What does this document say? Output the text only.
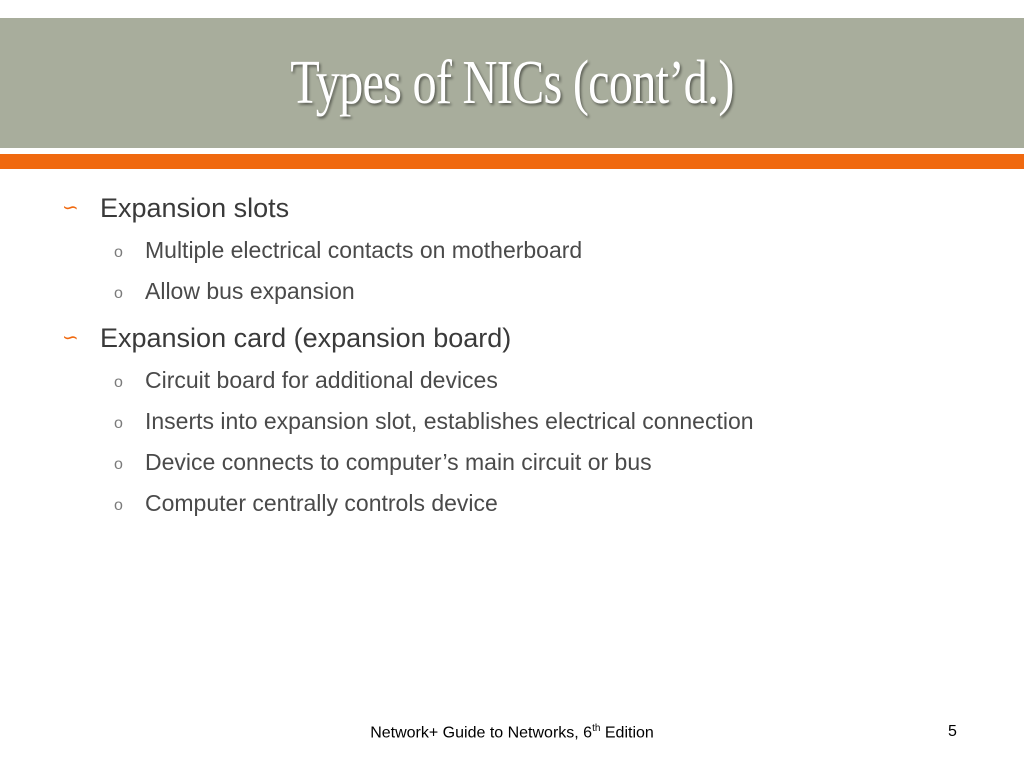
Types of NICs (cont’d.)
∽ Expansion slots
o Multiple electrical contacts on motherboard
o Allow bus expansion
∽ Expansion card (expansion board)
o Circuit board for additional devices
o Inserts into expansion slot, establishes electrical connection
o Device connects to computer’s main circuit or bus
o Computer centrally controls device
Network+ Guide to Networks, 6th Edition	5
